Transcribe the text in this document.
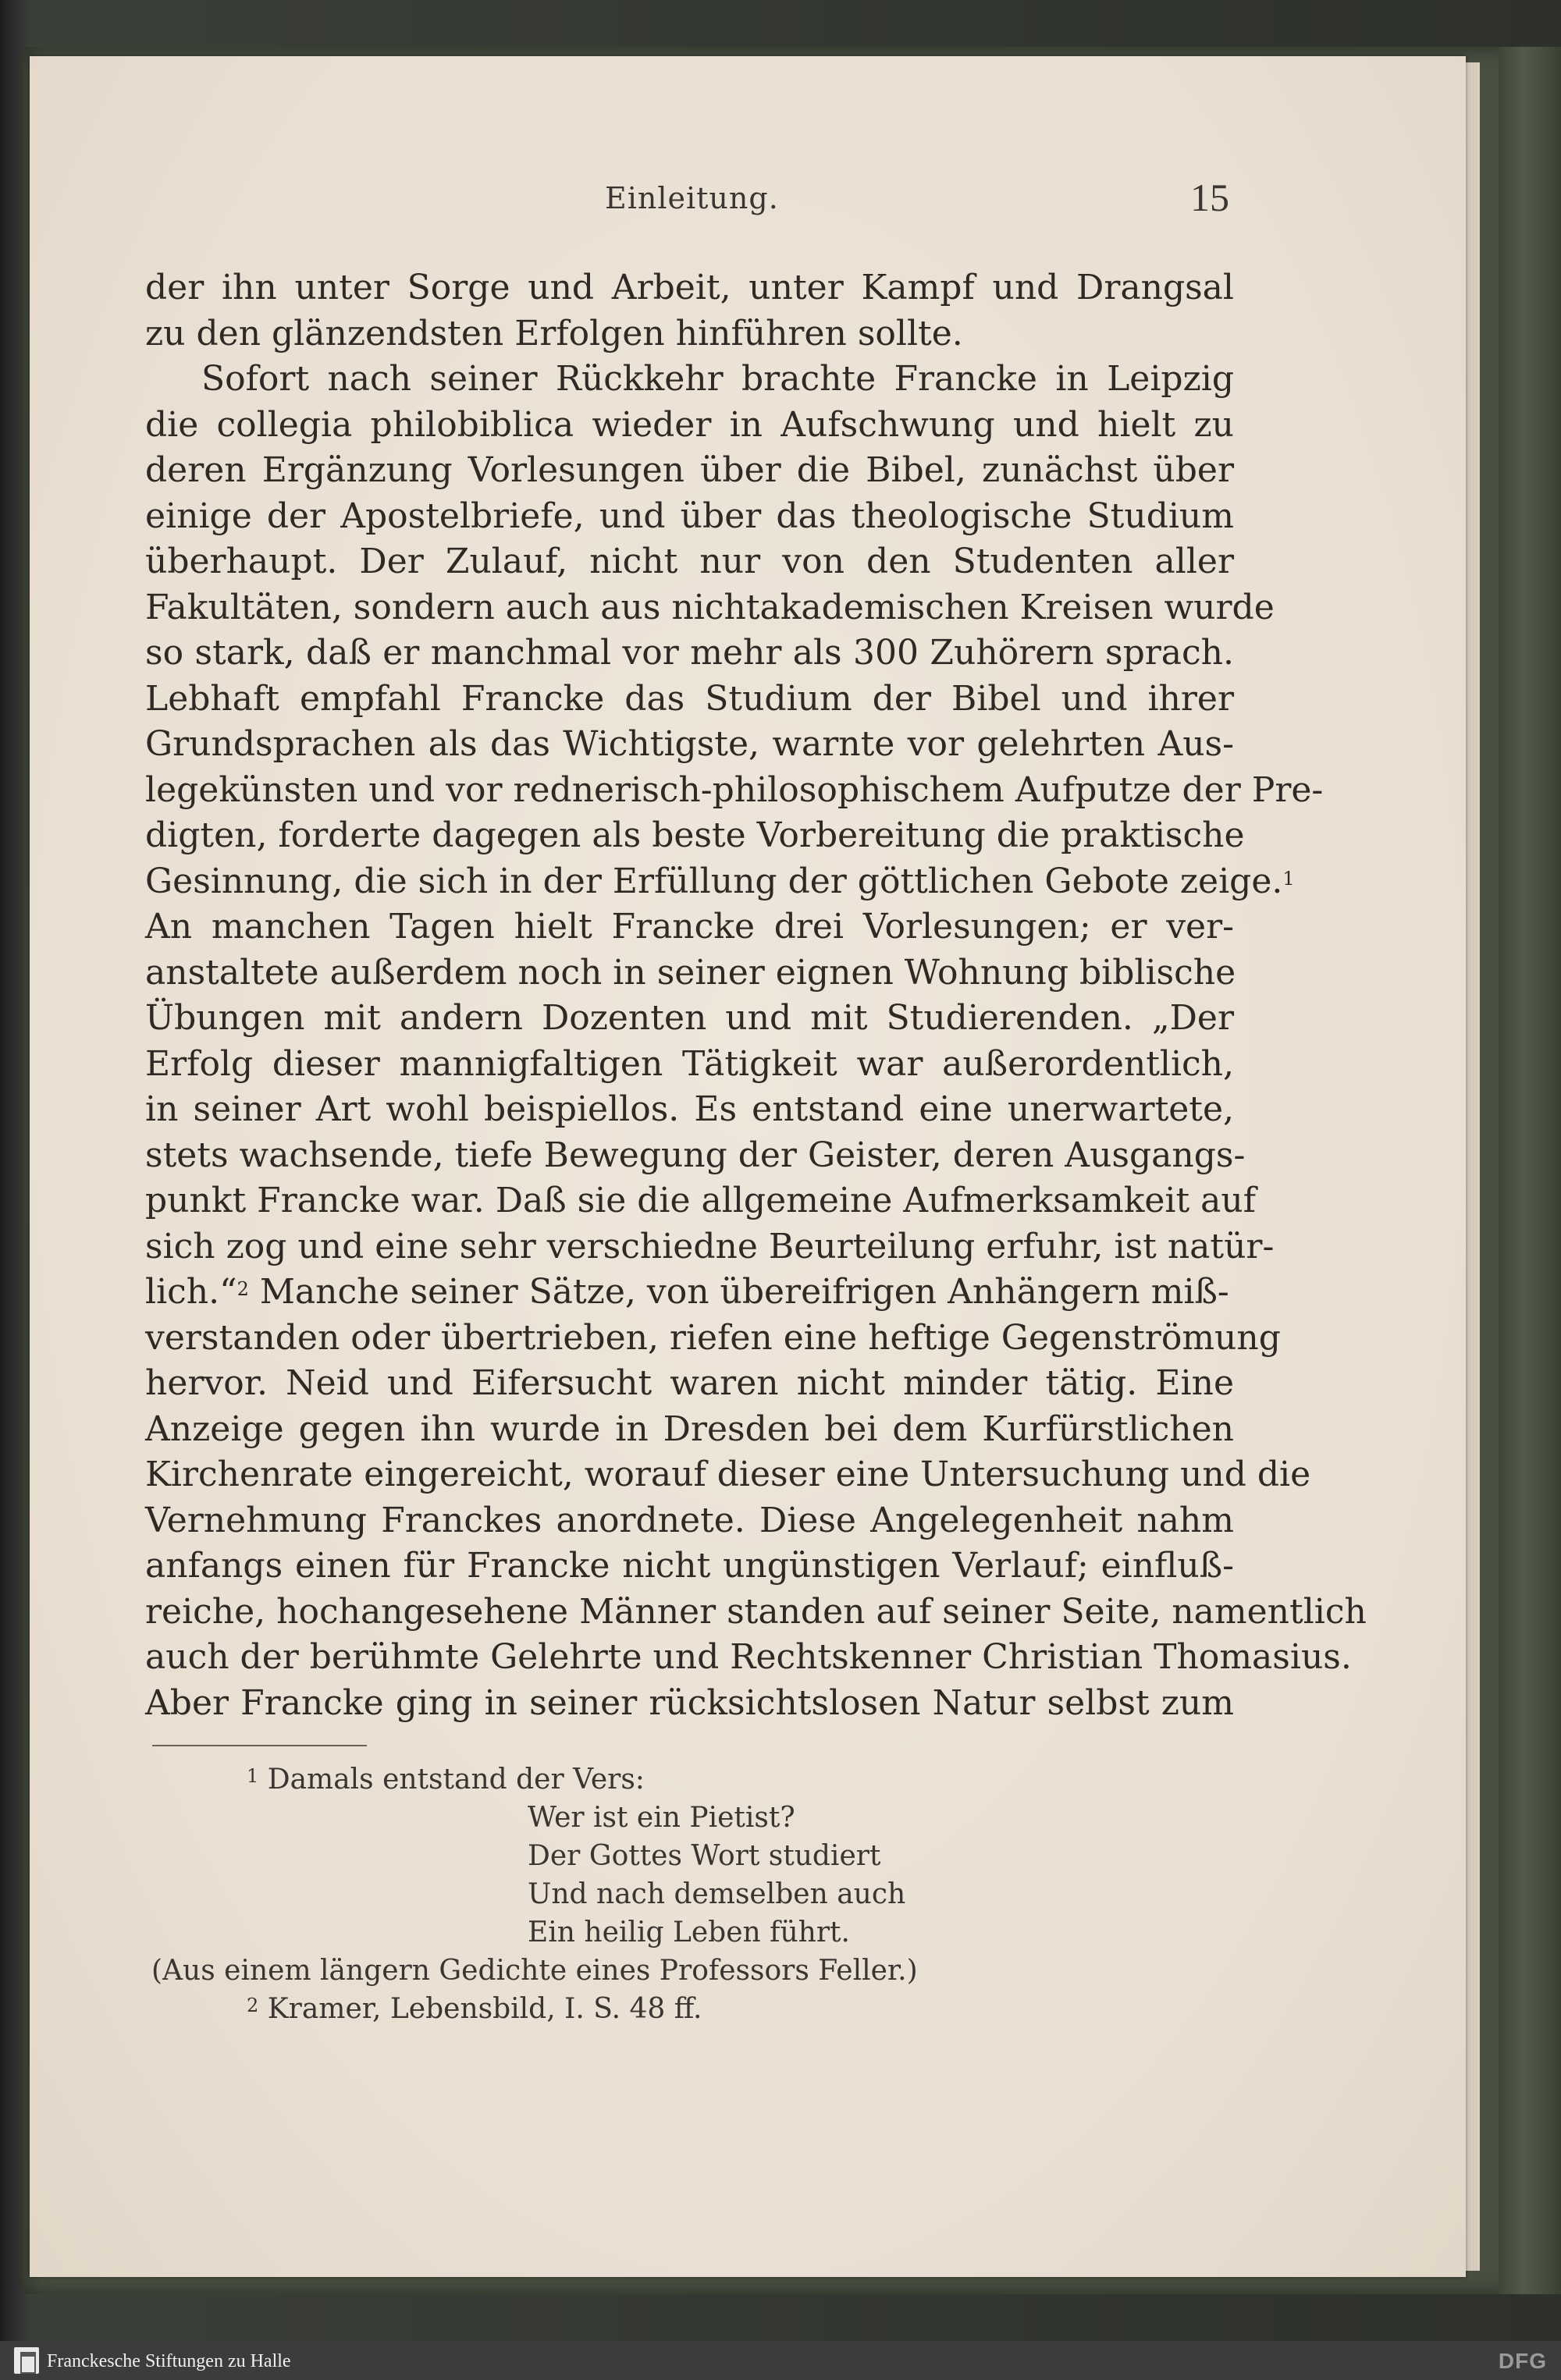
Einleitung.	15
der ihn unter Sorge und Arbeit, unter Kampf und Drangsal
zu den glänzendsten Erfolgen hinführen sollte.
Sofort nach seiner Rückkehr brachte Francke in Leipzig
die collegia philobiblica wieder in Aufschwung und hielt zu
deren Ergänzung Vorlesungen über die Bibel, zunächst über
einige der Apostelbriefe, und über das theologische Studium
überhaupt. Der Zulauf, nicht nur von den Studenten aller
Fakultäten, sondern auch aus nichtakademischen Kreisen wurde
so stark, daß er manchmal vor mehr als 300 Zuhörern sprach.
Lebhaft empfahl Francke das Studium der Bibel und ihrer
Grundsprachen als das Wichtigste, warnte vor gelehrten Aus-
legekünsten und vor rednerisch-philosophischem Aufputze der Pre-
digten, forderte dagegen als beste Vorbereitung die praktische
Gesinnung, die sich in der Erfüllung der göttlichen Gebote zeige.$^1$
An manchen Tagen hielt Francke drei Vorlesungen; er ver-
anstaltete außerdem noch in seiner eignen Wohnung biblische
Übungen mit andern Dozenten und mit Studierenden. „Der
Erfolg dieser mannigfaltigen Tätigkeit war außerordentlich,
in seiner Art wohl beispiellos. Es entstand eine unerwartete,
stets wachsende, tiefe Bewegung der Geister, deren Ausgangs-
punkt Francke war. Daß sie die allgemeine Aufmerksamkeit auf
sich zog und eine sehr verschiedne Beurteilung erfuhr, ist natür-
lich.“$^2$ Manche seiner Sätze, von übereifrigen Anhängern miß-
verstanden oder übertrieben, riefen eine heftige Gegenströmung
hervor. Neid und Eifersucht waren nicht minder tätig. Eine
Anzeige gegen ihn wurde in Dresden bei dem Kurfürstlichen
Kirchenrate eingereicht, worauf dieser eine Untersuchung und die
Vernehmung Franckes anordnete. Diese Angelegenheit nahm
anfangs einen für Francke nicht ungünstigen Verlauf; einfluß-
reiche, hochangesehene Männer standen auf seiner Seite, namentlich
auch der berühmte Gelehrte und Rechtskenner Christian Thomasius.
Aber Francke ging in seiner rücksichtslosen Natur selbst zum
$^1$ Damals entstand der Vers:
Wer ist ein Pietist?
Der Gottes Wort studiert
Und nach demselben auch
Ein heilig Leben führt.
(Aus einem längern Gedichte eines Professors Feller.)
$^2$ Kramer, Lebensbild, I. S. 48 ff.
Franckesche Stiftungen zu Halle	DFG
